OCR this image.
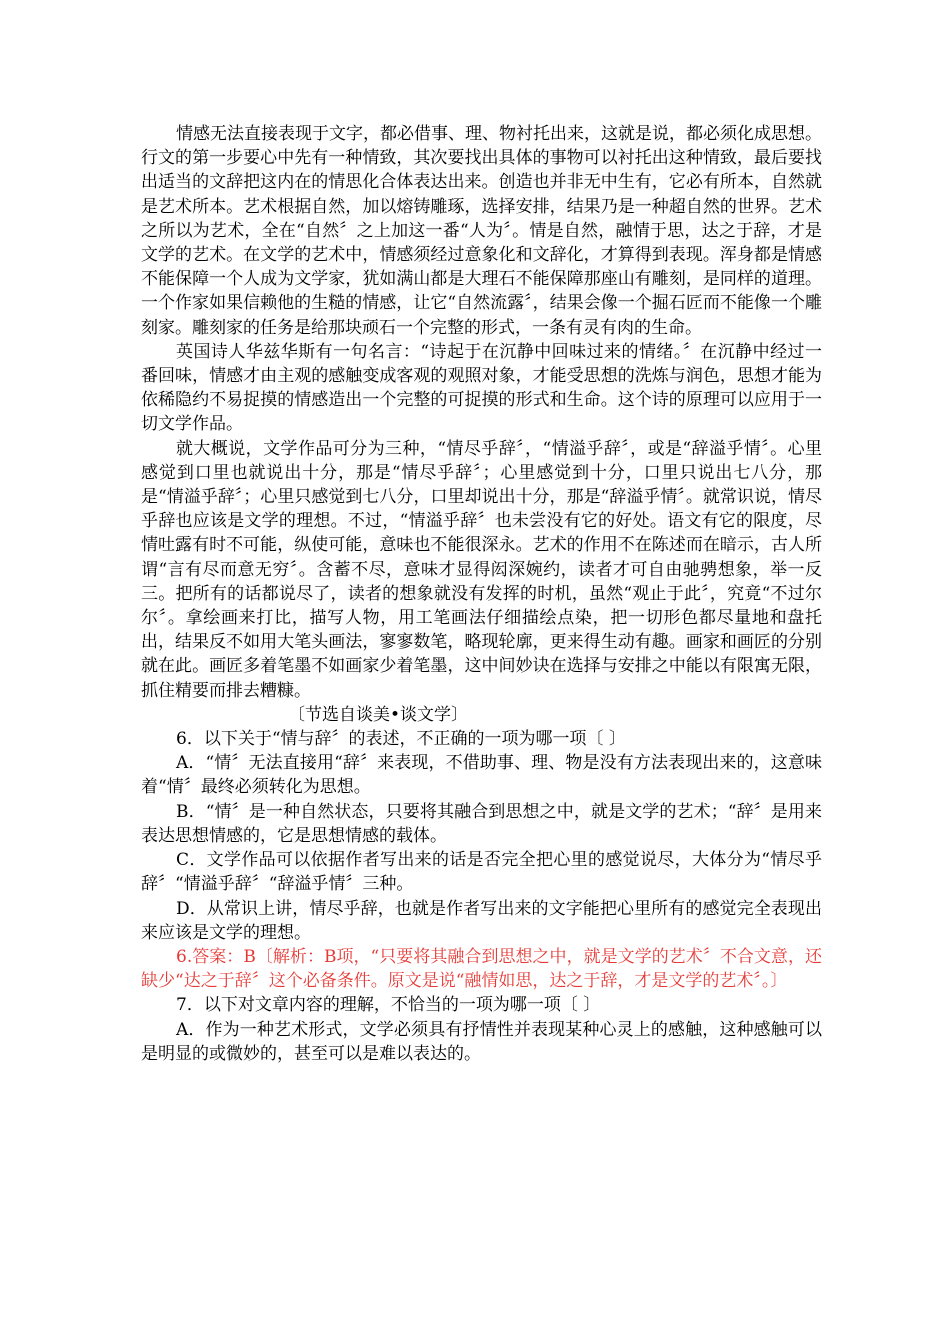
情感无法直接表现于文字，都必借事、理、物衬托出来，这就是说，都必须化成思想。行文的第一步要心中先有一种情致，其次要找出具体的事物可以衬托出这种情致，最后要找出适当的文辞把这内在的情思化合体表达出来。创造也并非无中生有，它必有所本，自然就是艺术所本。艺术根据自然，加以熔铸雕琢，选择安排，结果乃是一种超自然的世界。艺术之所以为艺术，全在“自然〞之上加这一番“人为〞。情是自然，融情于思，达之于辞，才是文学的艺术。在文学的艺术中，情感须经过意象化和文辞化，才算得到表现。浑身都是情感不能保障一个人成为文学家，犹如满山都是大理石不能保障那座山有雕刻，是同样的道理。一个作家如果信赖他的生糙的情感，让它“自然流露〞，结果会像一个掘石匠而不能像一个雕刻家。雕刻家的任务是给那块顽石一个完整的形式，一条有灵有肉的生命。

英国诗人华兹华斯有一句名言：“诗起于在沉静中回味过来的情绪。〞在沉静中经过一番回味，情感才由主观的感触变成客观的观照对象，才能受思想的洗炼与润色，思想才能为依稀隐约不易捉摸的情感造出一个完整的可捉摸的形式和生命。这个诗的原理可以应用于一切文学作品。

就大概说，文学作品可分为三种，“情尽乎辞〞，“情溢乎辞〞，或是“辞溢乎情〞。心里感觉到口里也就说出十分，那是“情尽乎辞〞；心里感觉到十分，口里只说出七八分，那是“情溢乎辞〞；心里只感觉到七八分，口里却说出十分，那是“辞溢乎情〞。就常识说，情尽乎辞也应该是文学的理想。不过，“情溢乎辞〞也未尝没有它的好处。语文有它的限度，尽情吐露有时不可能，纵使可能，意味也不能很深永。艺术的作用不在陈述而在暗示，古人所谓“言有尽而意无穷〞。含蓄不尽，意味才显得闳深婉约，读者才可自由驰骋想象，举一反三。把所有的话都说尽了，读者的想象就没有发挥的时机，虽然“观止于此〞，究竟“不过尔尔〞。拿绘画来打比，描写人物，用工笔画法仔细描绘点染，把一切形色都尽量地和盘托出，结果反不如用大笔头画法，寥寥数笔，略现轮廓，更来得生动有趣。画家和画匠的分别就在此。画匠多着笔墨不如画家少着笔墨，这中间妙诀在选择与安排之中能以有限寓无限，抓住精要而排去糟糠。

〔节选自谈美•谈文学〕

6．以下关于“情与辞〞的表述，不正确的一项为哪一项〔 〕

A．“情〞无法直接用“辞〞来表现，不借助事、理、物是没有方法表现出来的，这意味着“情〞最终必须转化为思想。

B．“情〞是一种自然状态，只要将其融合到思想之中，就是文学的艺术；“辞〞是用来表达思想情感的，它是思想情感的载体。

C．文学作品可以依据作者写出来的话是否完全把心里的感觉说尽，大体分为“情尽乎辞〞“情溢乎辞〞“辞溢乎情〞三种。

D．从常识上讲，情尽乎辞，也就是作者写出来的文字能把心里所有的感觉完全表现出来应该是文学的理想。

6.答案：B〔解析：B项，“只要将其融合到思想之中，就是文学的艺术〞不合文意，还缺少“达之于辞〞这个必备条件。原文是说“融情如思，达之于辞，才是文学的艺术〞。〕

7．以下对文章内容的理解，不恰当的一项为哪一项〔 〕

A．作为一种艺术形式，文学必须具有抒情性并表现某种心灵上的感触，这种感触可以是明显的或微妙的，甚至可以是难以表达的。
